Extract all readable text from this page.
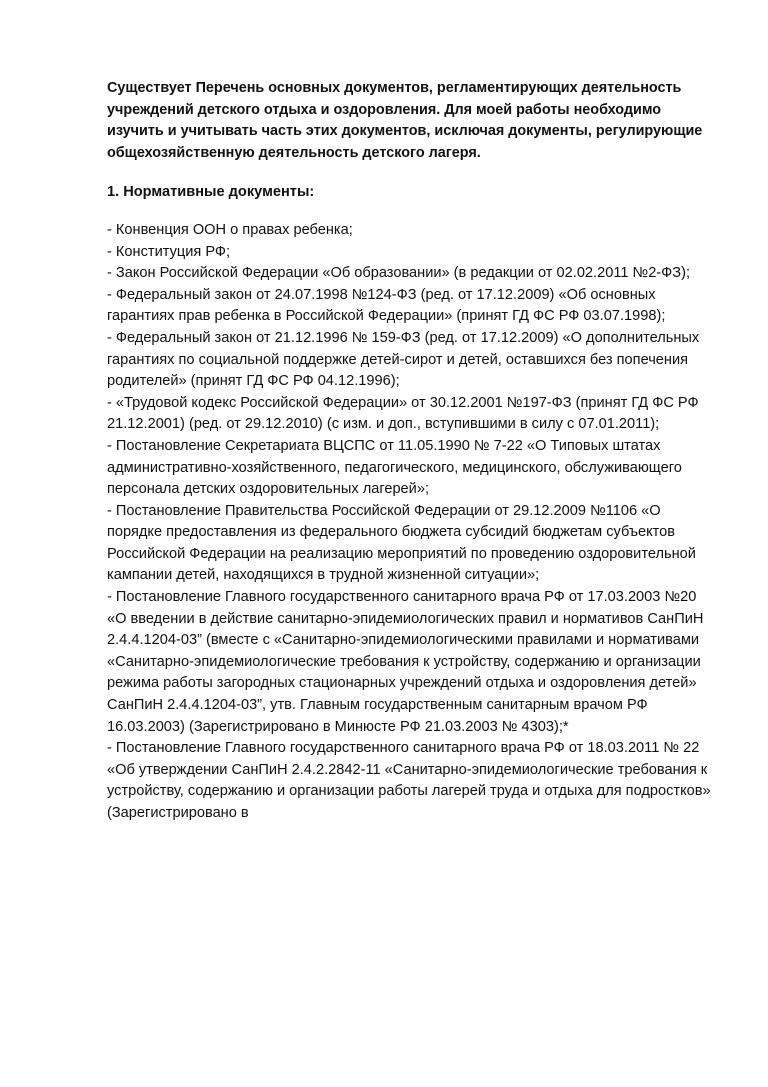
Существует Перечень основных документов, регламентирующих деятельность учреждений детского отдыха и оздоровления. Для моей работы необходимо изучить и учитывать часть этих документов, исключая документы, регулирующие общехозяйственную деятельность детского лагеря.

1. Нормативные документы:

- Конвенция ООН о правах ребенка;
- Конституция РФ;
- Закон Российской Федерации «Об образовании» (в редакции от 02.02.2011 №2-ФЗ);
- Федеральный закон от 24.07.1998 №124-ФЗ (ред. от 17.12.2009) «Об основных гарантиях прав ребенка в Российской Федерации» (принят ГД ФС РФ 03.07.1998);
- Федеральный закон от 21.12.1996 № 159-ФЗ (ред. от 17.12.2009) «О дополнительных гарантиях по социальной поддержке детей-сирот и детей, оставшихся без попечения родителей» (принят ГД ФС РФ 04.12.1996);
- «Трудовой кодекс Российской Федерации» от 30.12.2001 №197-ФЗ (принят ГД ФС РФ 21.12.2001) (ред. от 29.12.2010) (с изм. и доп., вступившими в силу с 07.01.2011);
- Постановление Секретариата ВЦСПС от 11.05.1990 № 7-22 «О Типовых штатах административно-хозяйственного, педагогического, медицинского, обслуживающего персонала детских оздоровительных лагерей»;
- Постановление Правительства Российской Федерации от 29.12.2009 №1106 «О порядке предоставления из федерального бюджета субсидий бюджетам субъектов Российской Федерации на реализацию мероприятий по проведению оздоровительной кампании детей, находящихся в трудной жизненной ситуации»;
- Постановление Главного государственного санитарного врача РФ от 17.03.2003 №20 «О введении в действие санитарно-эпидемиологических правил и нормативов СанПиН 2.4.4.1204-03” (вместе с «Санитарно-эпидемиологическими правилами и нормативами «Санитарно-эпидемиологические требования к устройству, содержанию и организации режима работы загородных стационарных учреждений отдыха и оздоровления детей» СанПиН 2.4.4.1204-03”, утв. Главным государственным санитарным врачом РФ 16.03.2003) (Зарегистрировано в Минюсте РФ 21.03.2003 № 4303);*
- Постановление Главного государственного санитарного врача РФ от 18.03.2011 № 22 «Об утверждении СанПиН 2.4.2.2842-11 «Санитарно-эпидемиологические требования к устройству, содержанию и организации работы лагерей труда и отдыха для подростков» (Зарегистрировано в
